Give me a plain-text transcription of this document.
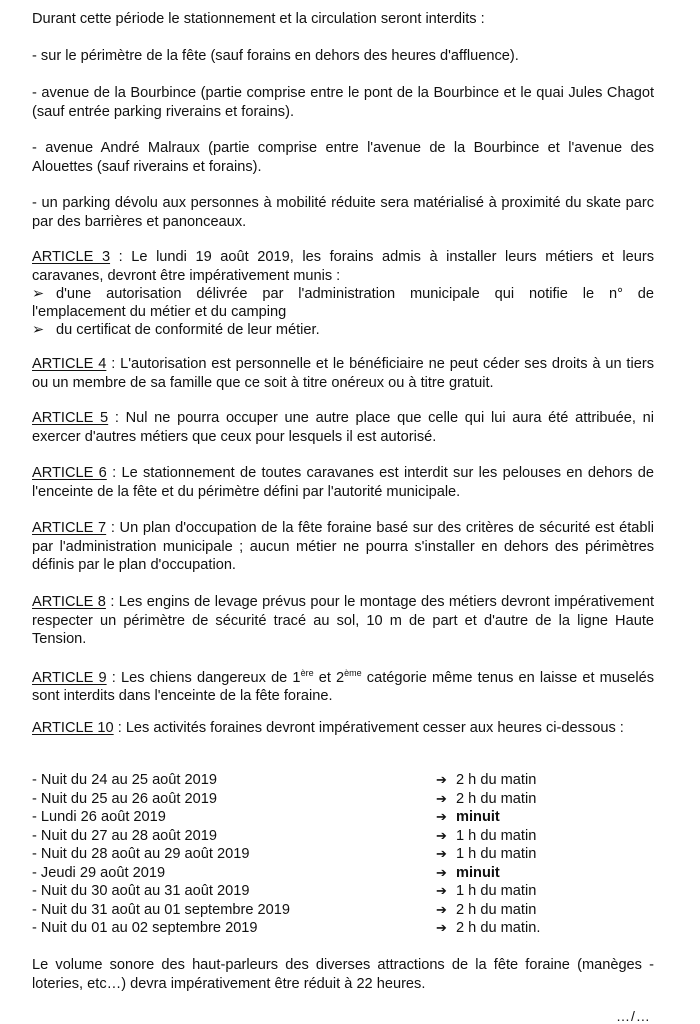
Durant cette période le stationnement et la circulation seront interdits :

- sur le périmètre de la fête (sauf forains en dehors des heures d'affluence).

- avenue de la Bourbince (partie comprise entre le pont de la Bourbince et le quai Jules Chagot (sauf entrée parking riverains et forains).

- avenue André Malraux (partie comprise entre l'avenue de la Bourbince et l'avenue des Alouettes (sauf riverains et forains).

- un parking dévolu aux personnes à mobilité réduite sera matérialisé à proximité du skate parc par des barrières et panonceaux.

ARTICLE 3 : Le lundi 19 août 2019, les forains admis à installer leurs métiers et leurs caravanes, devront être impérativement munis :

➢ d'une autorisation délivrée par l'administration municipale qui notifie le n° de
l'emplacement du métier et du camping
➢ du certificat de conformité de leur métier.

ARTICLE 4 : L'autorisation est personnelle et le bénéficiaire ne peut céder ses droits à un tiers ou un membre de sa famille que ce soit à titre onéreux ou à titre gratuit.

ARTICLE 5 : Nul ne pourra occuper une autre place que celle qui lui aura été attribuée, ni exercer d'autres métiers que ceux pour lesquels il est autorisé.

ARTICLE 6 : Le stationnement de toutes caravanes est interdit sur les pelouses en dehors de l'enceinte de la fête et du périmètre défini par l'autorité municipale.

ARTICLE 7 : Un plan d'occupation de la fête foraine basé sur des critères de sécurité est établi par l'administration municipale ; aucun métier ne pourra s'installer en dehors des périmètres définis par le plan d'occupation.

ARTICLE 8 : Les engins de levage prévus pour le montage des métiers devront impérativement respecter un périmètre de sécurité tracé au sol, 10 m de part et d'autre de la ligne Haute Tension.

ARTICLE 9 : Les chiens dangereux de 1ère et 2ème catégorie même tenus en laisse et muselés sont interdits dans l'enceinte de la fête foraine.

ARTICLE 10 : Les activités foraines devront impérativement cesser aux heures ci-dessous :

- Nuit du 24 au 25 août 2019	➔ 2 h du matin
- Nuit du 25 au 26 août 2019	➔ 2 h du matin
- Lundi 26 août 2019	➔ minuit
- Nuit du 27 au 28 août 2019	➔ 1 h du matin
- Nuit du 28 août au 29 août 2019	➔ 1 h du matin
- Jeudi 29 août 2019	➔ minuit
- Nuit du 30 août au 31 août 2019	➔ 1 h du matin
- Nuit du 31 août au 01 septembre 2019	➔ 2 h du matin
- Nuit du 01 au 02 septembre 2019	➔ 2 h du matin.

Le volume sonore des haut-parleurs des diverses attractions de la fête foraine (manèges - loteries, etc…) devra impérativement être réduit à 22 heures.

…/…
